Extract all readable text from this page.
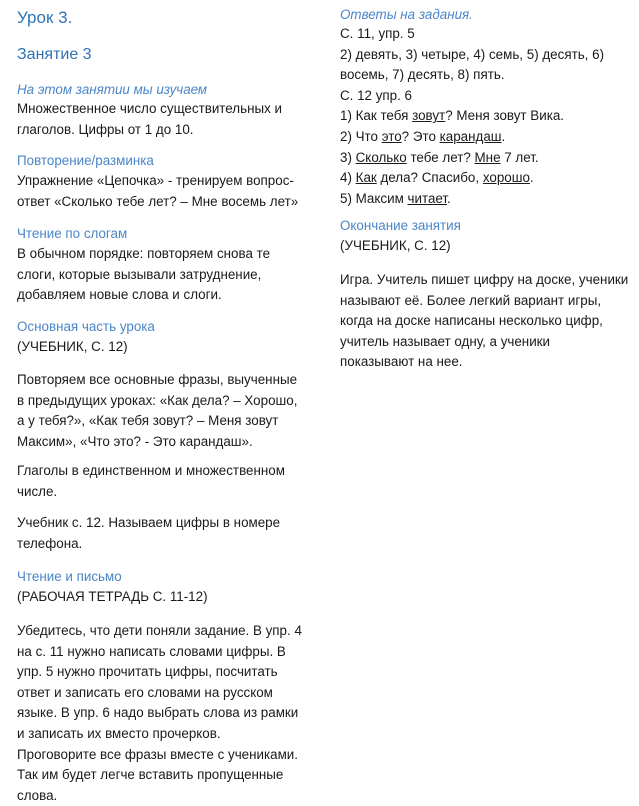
Урок 3.
Занятие 3
На этом занятии мы изучаем
Множественное число существительных и
глаголов. Цифры от 1 до 10.
Повторение/разминка
Упражнение «Цепочка» - тренируем вопрос-
ответ «Сколько тебе лет? – Мне восемь лет»
Чтение по слогам
В обычном порядке: повторяем снова те
слоги, которые вызывали затруднение,
добавляем новые слова и слоги.
Основная часть урока
(УЧЕБНИК, С. 12)
Повторяем все основные фразы, выученные
в предыдущих уроках: «Как дела? – Хорошо,
а у тебя?», «Как тебя зовут? – Меня зовут
Максим», «Что это? - Это карандаш».
Глаголы в единственном и множественном
числе.
Учебник с. 12. Называем цифры в номере
телефона.
Чтение и письмо
(РАБОЧАЯ ТЕТРАДЬ С. 11-12)
Убедитесь, что дети поняли задание. В упр. 4
на с. 11 нужно написать словами цифры. В
упр. 5 нужно прочитать цифры, посчитать
ответ и записать его словами на русском
языке. В упр. 6 надо выбрать слова из рамки
и записать их вместо прочерков.
Проговорите все фразы вместе с учениками.
Так им будет легче вставить пропущенные
слова.
Ответы на задания.
С. 11, упр. 5
2) девять, 3) четыре, 4) семь, 5) десять, 6)
восемь, 7) десять, 8) пять.
С. 12 упр. 6
1) Как тебя зовут? Меня зовут Вика.
2) Что это? Это карандаш.
3) Сколько тебе лет? Мне 7 лет.
4) Как дела? Спасибо, хорошо.
5) Максим читает.
Окончание занятия
(УЧЕБНИК, С. 12)
Игра. Учитель пишет цифру на доске, ученики
называют её. Более легкий вариант игры,
когда на доске написаны несколько цифр,
учитель называет одну, а ученики
показывают на нее.
